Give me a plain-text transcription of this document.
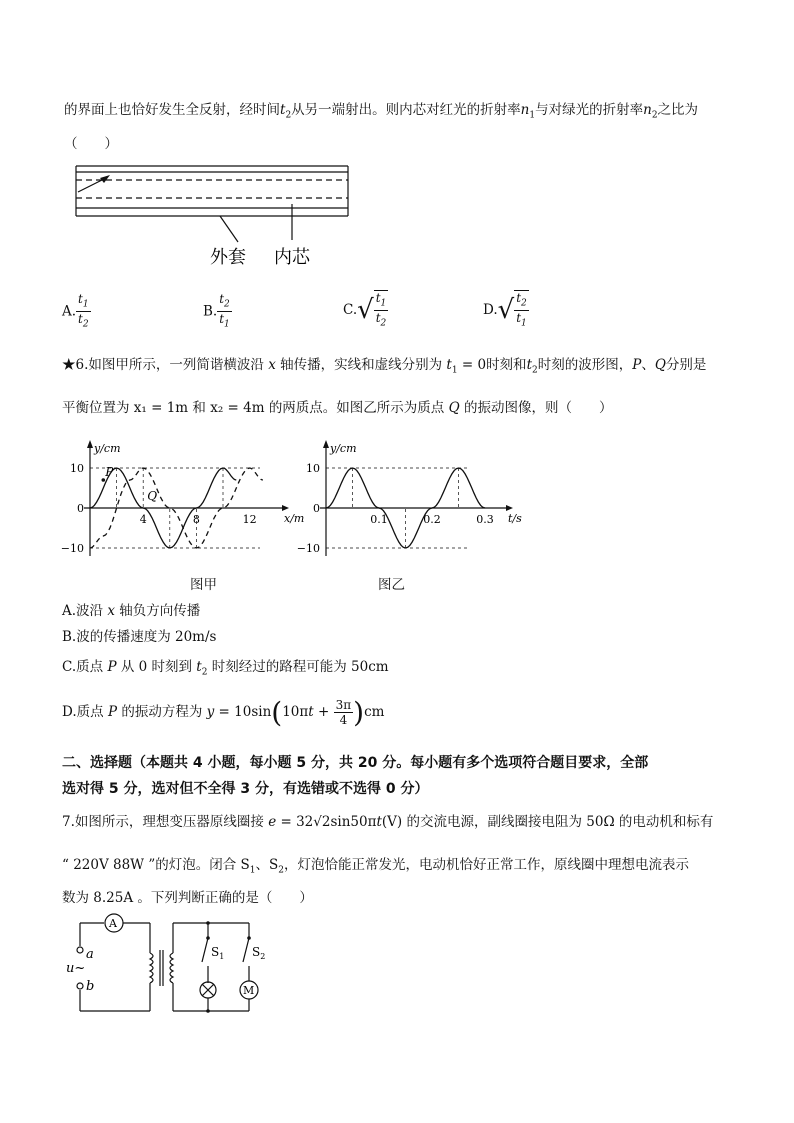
的界面上也恰好发生全反射，经时间$t_2$从另一端射出。则内芯对红光的折射率$n_1$与对绿光的折射率$n_2$之比为
（　　）
外套 内芯
A. $\frac{t_1}{t_2}$	B. $\frac{t_2}{t_1}$	$C.√ \frac{t_1}{t_2}$	$D.√ \frac{t_2}{t_1}$
★6.如图甲所示，一列简谐横波沿 x 轴传播，实线和虚线分别为 $t_1 = 0$时刻和$t_2$时刻的波形图，P、Q分别是
平衡位置为 x₁ = 1m 和 x₂ = 4m 的两质点。如图乙所示为质点 Q 的振动图像，则（　　）
y/cm
x/m
10
0
−10
4	8	12
P
Q
y/cm
t/s
10
0
−10
0.1	0.2	0.3
图甲	图乙
A.波沿 x 轴负方向传播
B.波的传播速度为 20m/s
C.质点 P 从 0 时刻到 $t_2$ 时刻经过的路程可能为 50cm
D.质点 P 的振动方程为 $y = 10\sin(10\pi t + \frac{3\pi}{4} )cm$
二、选择题（本题共 4 小题，每小题 5 分，共 20 分。每小题有多个选项符合题目要求，全部
选对得 5 分，选对但不全得 3 分，有选错或不选得 0 分）
7.如图所示，理想变压器原线圈接 e = 32√2sin50πt(V) 的交流电源，副线圈接电阻为 50Ω 的电动机和标有
“ 220V 88W ”的灯泡。闭合 $S_1$、$S_2$，灯泡恰能正常发光，电动机恰好正常工作，原线圈中理想电流表示
数为 8.25A 。下列判断正确的是（　　）
A
a
u~
b
$S_1$ $S_2$
M
